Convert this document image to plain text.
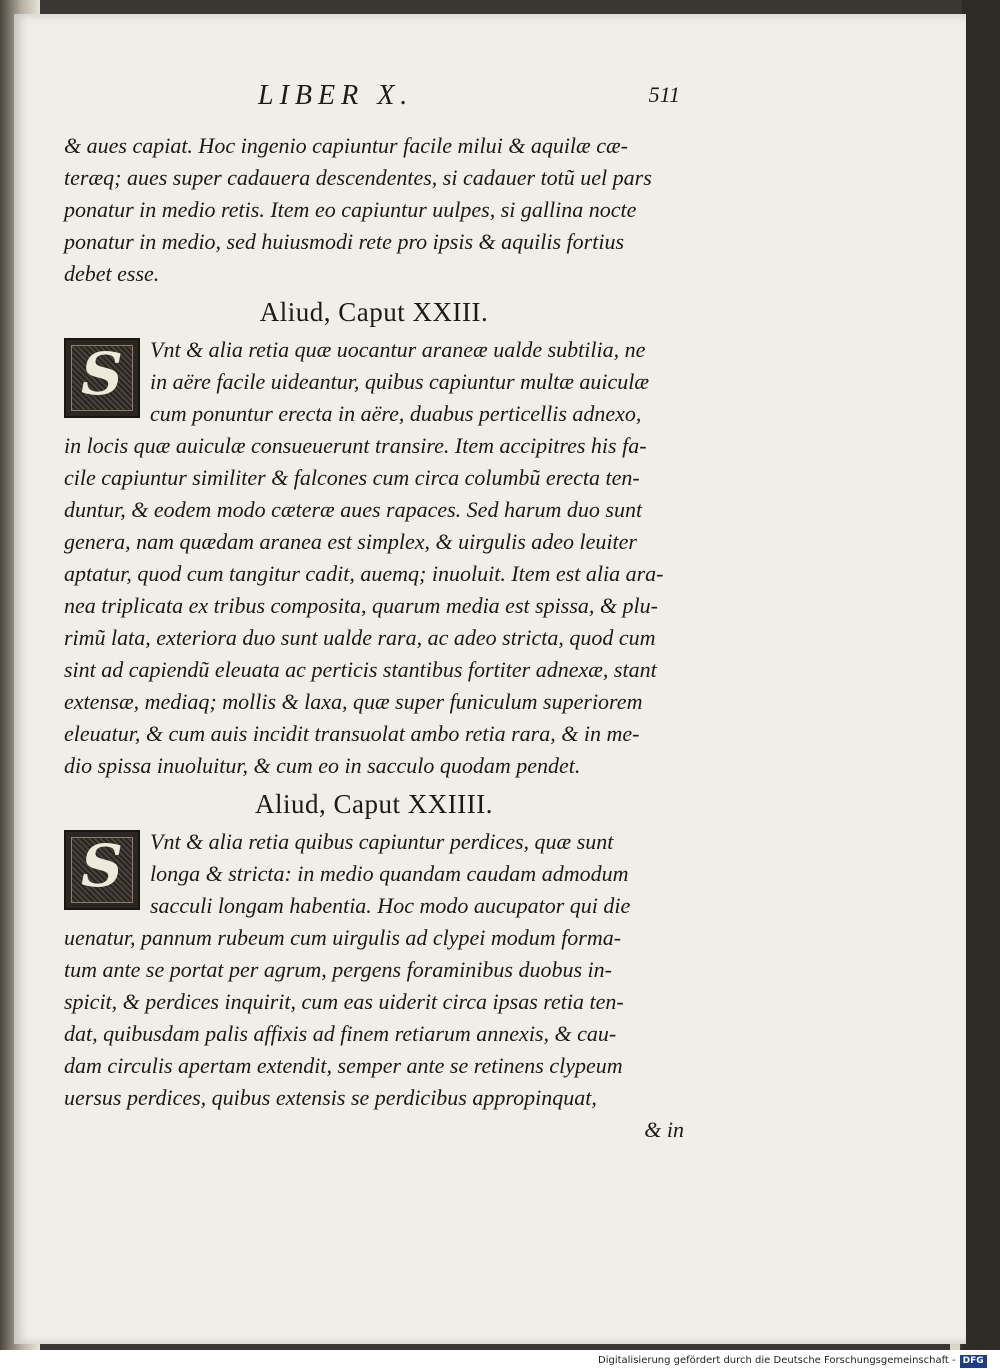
LIBER X.	511
& aues capiat. Hoc ingenio capiuntur facile milui & aquilæ cæ-
teræq; aues super cadauera descendentes, si cadauer totũ uel pars
ponatur in medio retis. Item eo capiuntur uulpes, si gallina nocte
ponatur in medio, sed huiusmodi rete pro ipsis & aquilis fortius
debet esse.
Aliud, Caput XXIII.
S	Vnt & alia retia quæ uocantur araneæ ualde subtilia, ne
in aëre facile uideantur, quibus capiuntur multæ auiculæ
cum ponuntur erecta in aëre, duabus perticellis adnexo,
in locis quæ auiculæ consueuerunt transire. Item accipitres his fa-
cile capiuntur similiter & falcones cum circa columbũ erecta ten-
duntur, & eodem modo cæteræ aues rapaces. Sed harum duo sunt
genera, nam quædam aranea est simplex, & uirgulis adeo leuiter
aptatur, quod cum tangitur cadit, auemq; inuoluit. Item est alia ara-
nea triplicata ex tribus composita, quarum media est spissa, & plu-
rimũ lata, exteriora duo sunt ualde rara, ac adeo stricta, quod cum
sint ad capiendũ eleuata ac perticis stantibus fortiter adnexæ, stant
extensæ, mediaq; mollis & laxa, quæ super funiculum superiorem
eleuatur, & cum auis incidit transuolat ambo retia rara, & in me-
dio spissa inuoluitur, & cum eo in sacculo quodam pendet.
Aliud, Caput XXIIII.
S	Vnt & alia retia quibus capiuntur perdices, quæ sunt
longa & stricta: in medio quandam caudam admodum
sacculi longam habentia. Hoc modo aucupator qui die
uenatur, pannum rubeum cum uirgulis ad clypei modum forma-
tum ante se portat per agrum, pergens foraminibus duobus in-
spicit, & perdices inquirit, cum eas uiderit circa ipsas retia ten-
dat, quibusdam palis affixis ad finem retiarum annexis, & cau-
dam circulis apertam extendit, semper ante se retinens clypeum
uersus perdices, quibus extensis se perdicibus appropinquat,
& in
Digitalisierung gefördert durch die Deutsche Forschungsgemeinschaft - DFG
